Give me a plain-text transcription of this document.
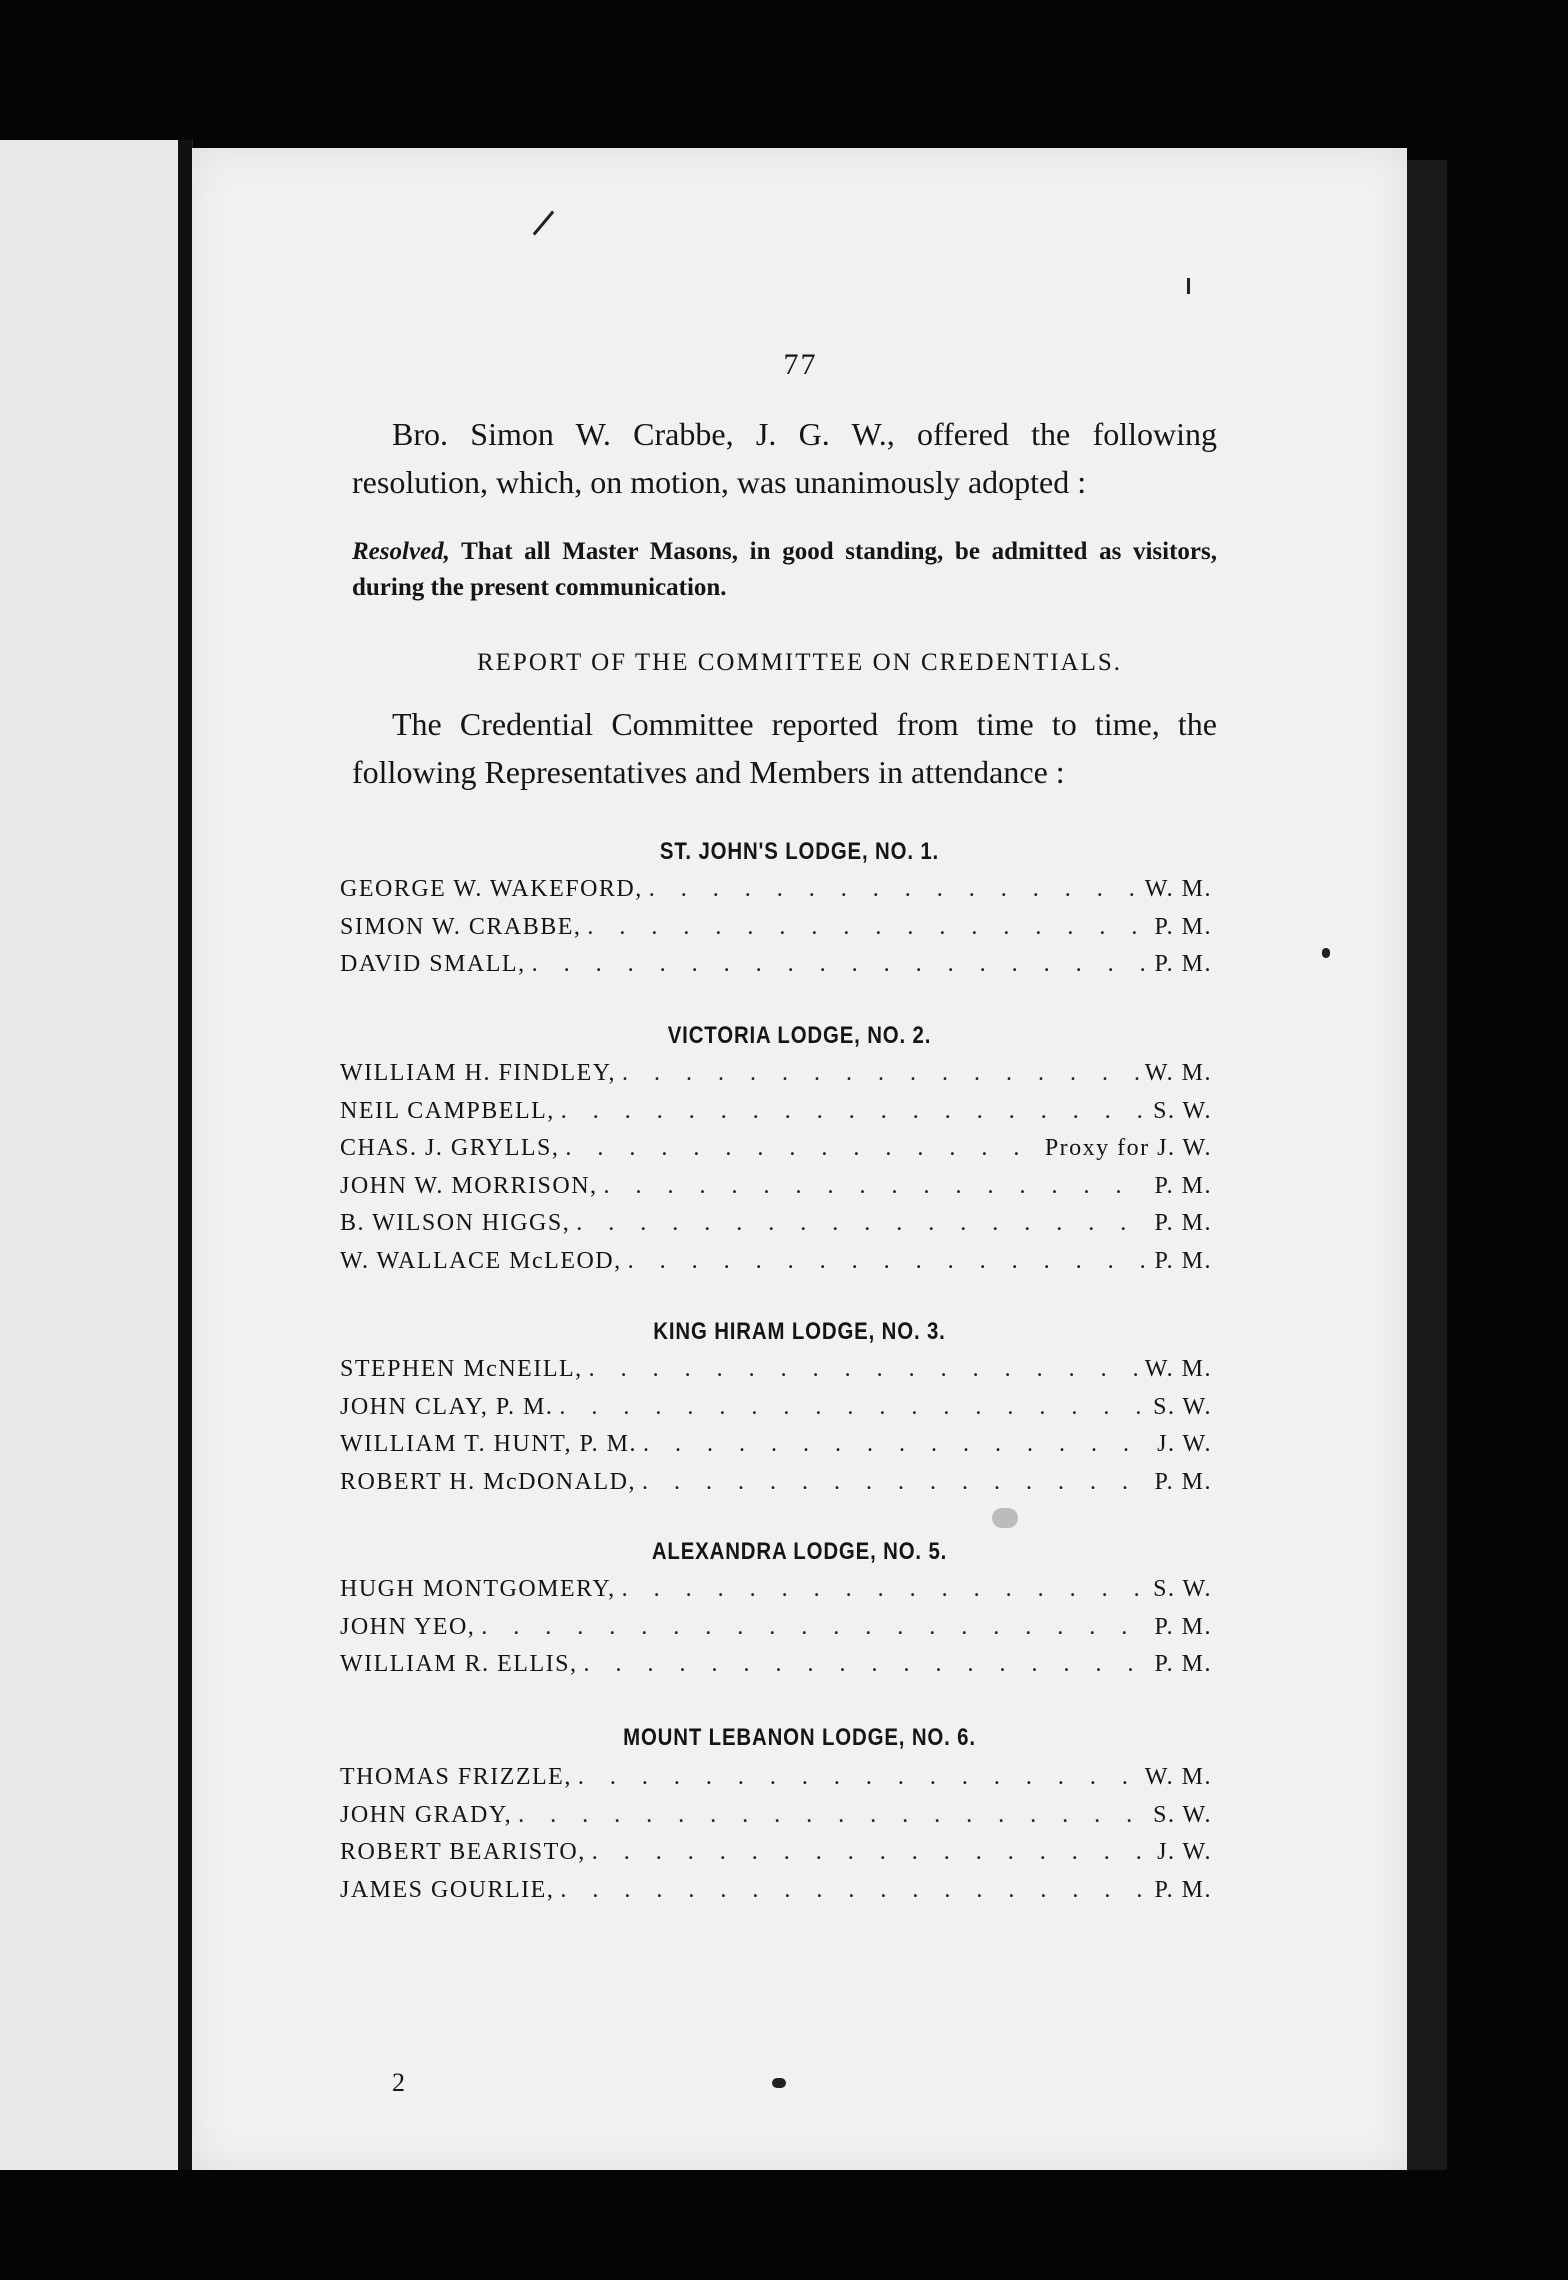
77
Bro. Simon W. Crabbe, J. G. W., offered the following resolution, which, on motion, was unanimously adopted :
Resolved, That all Master Masons, in good standing, be admitted as visitors, during the present communication.
REPORT OF THE COMMITTEE ON CREDENTIALS.
The Credential Committee reported from time to time, the following Representatives and Members in attendance :
ST. JOHN'S LODGE, NO. 1.
GEORGE W. WAKEFORD, . . .	W. M.
SIMON W. CRABBE, . . .	P. M.
DAVID SMALL, . . .	P. M.
VICTORIA LODGE, NO. 2.
WILLIAM H. FINDLEY, . . .	W. M.
NEIL CAMPBELL, . . .	S. W.
CHAS. J. GRYLLS, . . .	Proxy for J. W.
JOHN W. MORRISON, . . .	P. M.
B. WILSON HIGGS, . . .	P. M.
W. WALLACE McLEOD, . . .	P. M.
KING HIRAM LODGE, NO. 3.
STEPHEN McNEILL, . . .	W. M.
JOHN CLAY, P. M. . . .	S. W.
WILLIAM T. HUNT, P. M. . . .	J. W.
ROBERT H. McDONALD, . . .	P. M.
ALEXANDRA LODGE, NO. 5.
HUGH MONTGOMERY, . . .	S. W.
JOHN YEO, . . .	P. M.
WILLIAM R. ELLIS, . . .	P. M.
MOUNT LEBANON LODGE, NO. 6.
THOMAS FRIZZLE, . . .	W. M.
JOHN GRADY, . . .	S. W.
ROBERT BEARISTO, . . .	J. W.
JAMES GOURLIE, . . .	P. M.
2
